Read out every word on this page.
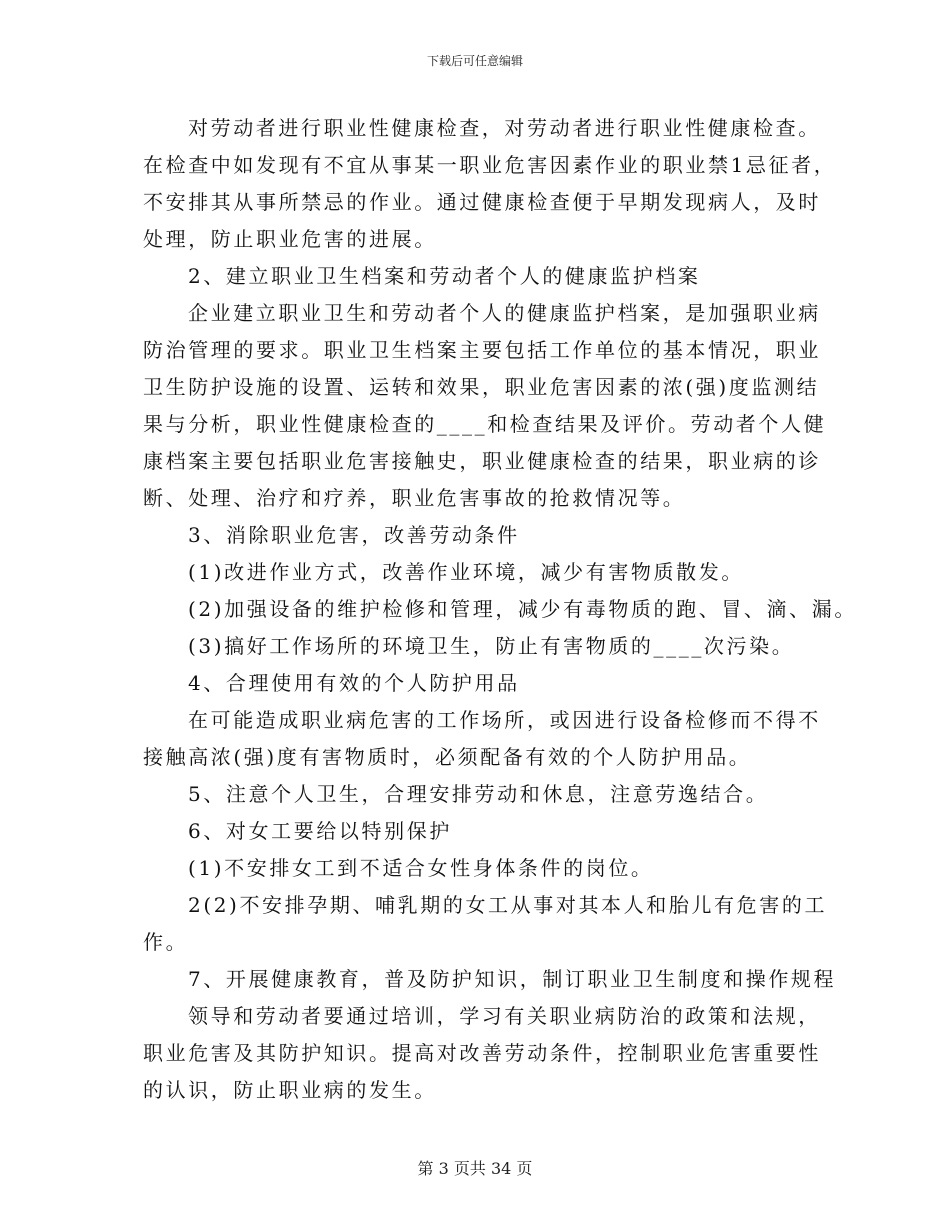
下载后可任意编辑
对劳动者进行职业性健康检查，对劳动者进行职业性健康检查。
在检查中如发现有不宜从事某一职业危害因素作业的职业禁1忌征者，
不安排其从事所禁忌的作业。通过健康检查便于早期发现病人，及时
处理，防止职业危害的进展。
2、建立职业卫生档案和劳动者个人的健康监护档案
企业建立职业卫生和劳动者个人的健康监护档案，是加强职业病
防治管理的要求。职业卫生档案主要包括工作单位的基本情况，职业
卫生防护设施的设置、运转和效果，职业危害因素的浓(强)度监测结
果与分析，职业性健康检查的____和检查结果及评价。劳动者个人健
康档案主要包括职业危害接触史，职业健康检查的结果，职业病的诊
断、处理、治疗和疗养，职业危害事故的抢救情况等。
3、消除职业危害，改善劳动条件
(1)改进作业方式，改善作业环境，减少有害物质散发。
(2)加强设备的维护检修和管理，减少有毒物质的跑、冒、滴、漏。
(3)搞好工作场所的环境卫生，防止有害物质的____次污染。
4、合理使用有效的个人防护用品
在可能造成职业病危害的工作场所，或因进行设备检修而不得不
接触高浓(强)度有害物质时，必须配备有效的个人防护用品。
5、注意个人卫生，合理安排劳动和休息，注意劳逸结合。
6、对女工要给以特别保护
(1)不安排女工到不适合女性身体条件的岗位。
2(2)不安排孕期、哺乳期的女工从事对其本人和胎儿有危害的工
作。
7、开展健康教育，普及防护知识，制订职业卫生制度和操作规程
领导和劳动者要通过培训，学习有关职业病防治的政策和法规，
职业危害及其防护知识。提高对改善劳动条件，控制职业危害重要性
的认识，防止职业病的发生。
第 3 页共 34 页
